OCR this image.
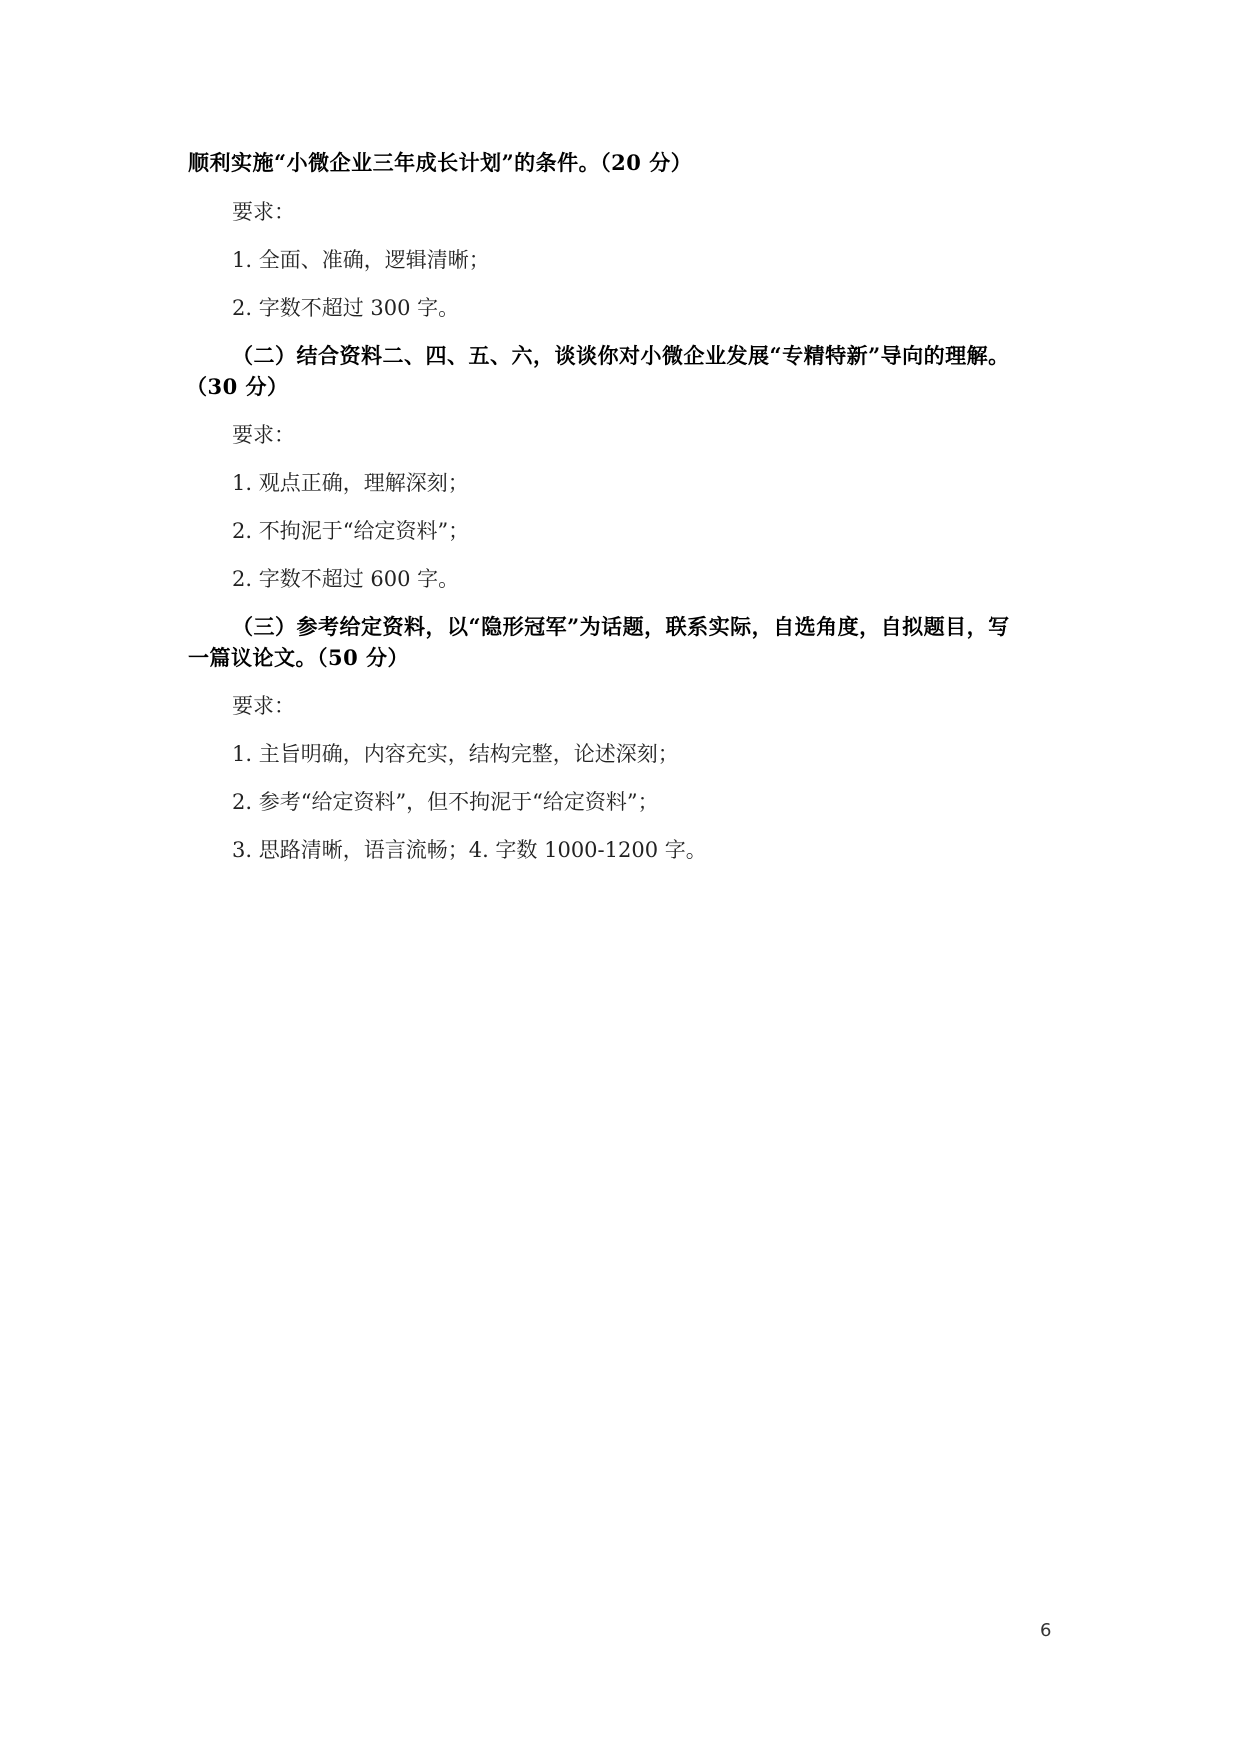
顺利实施“小微企业三年成长计划”的条件。（20 分）
要求：
1. 全面、准确，逻辑清晰；
2. 字数不超过 300 字。
（二）结合资料二、四、五、六，谈谈你对小微企业发展“专精特新”导向的理解。
（30 分）
要求：
1. 观点正确，理解深刻；
2. 不拘泥于“给定资料”；
2. 字数不超过 600 字。
（三）参考给定资料，以“隐形冠军”为话题，联系实际，自选角度，自拟题目，写
一篇议论文。（50 分）
要求：
1. 主旨明确，内容充实，结构完整，论述深刻；
2. 参考“给定资料”，但不拘泥于“给定资料”；
3. 思路清晰，语言流畅；4. 字数 1000-1200 字。
6
